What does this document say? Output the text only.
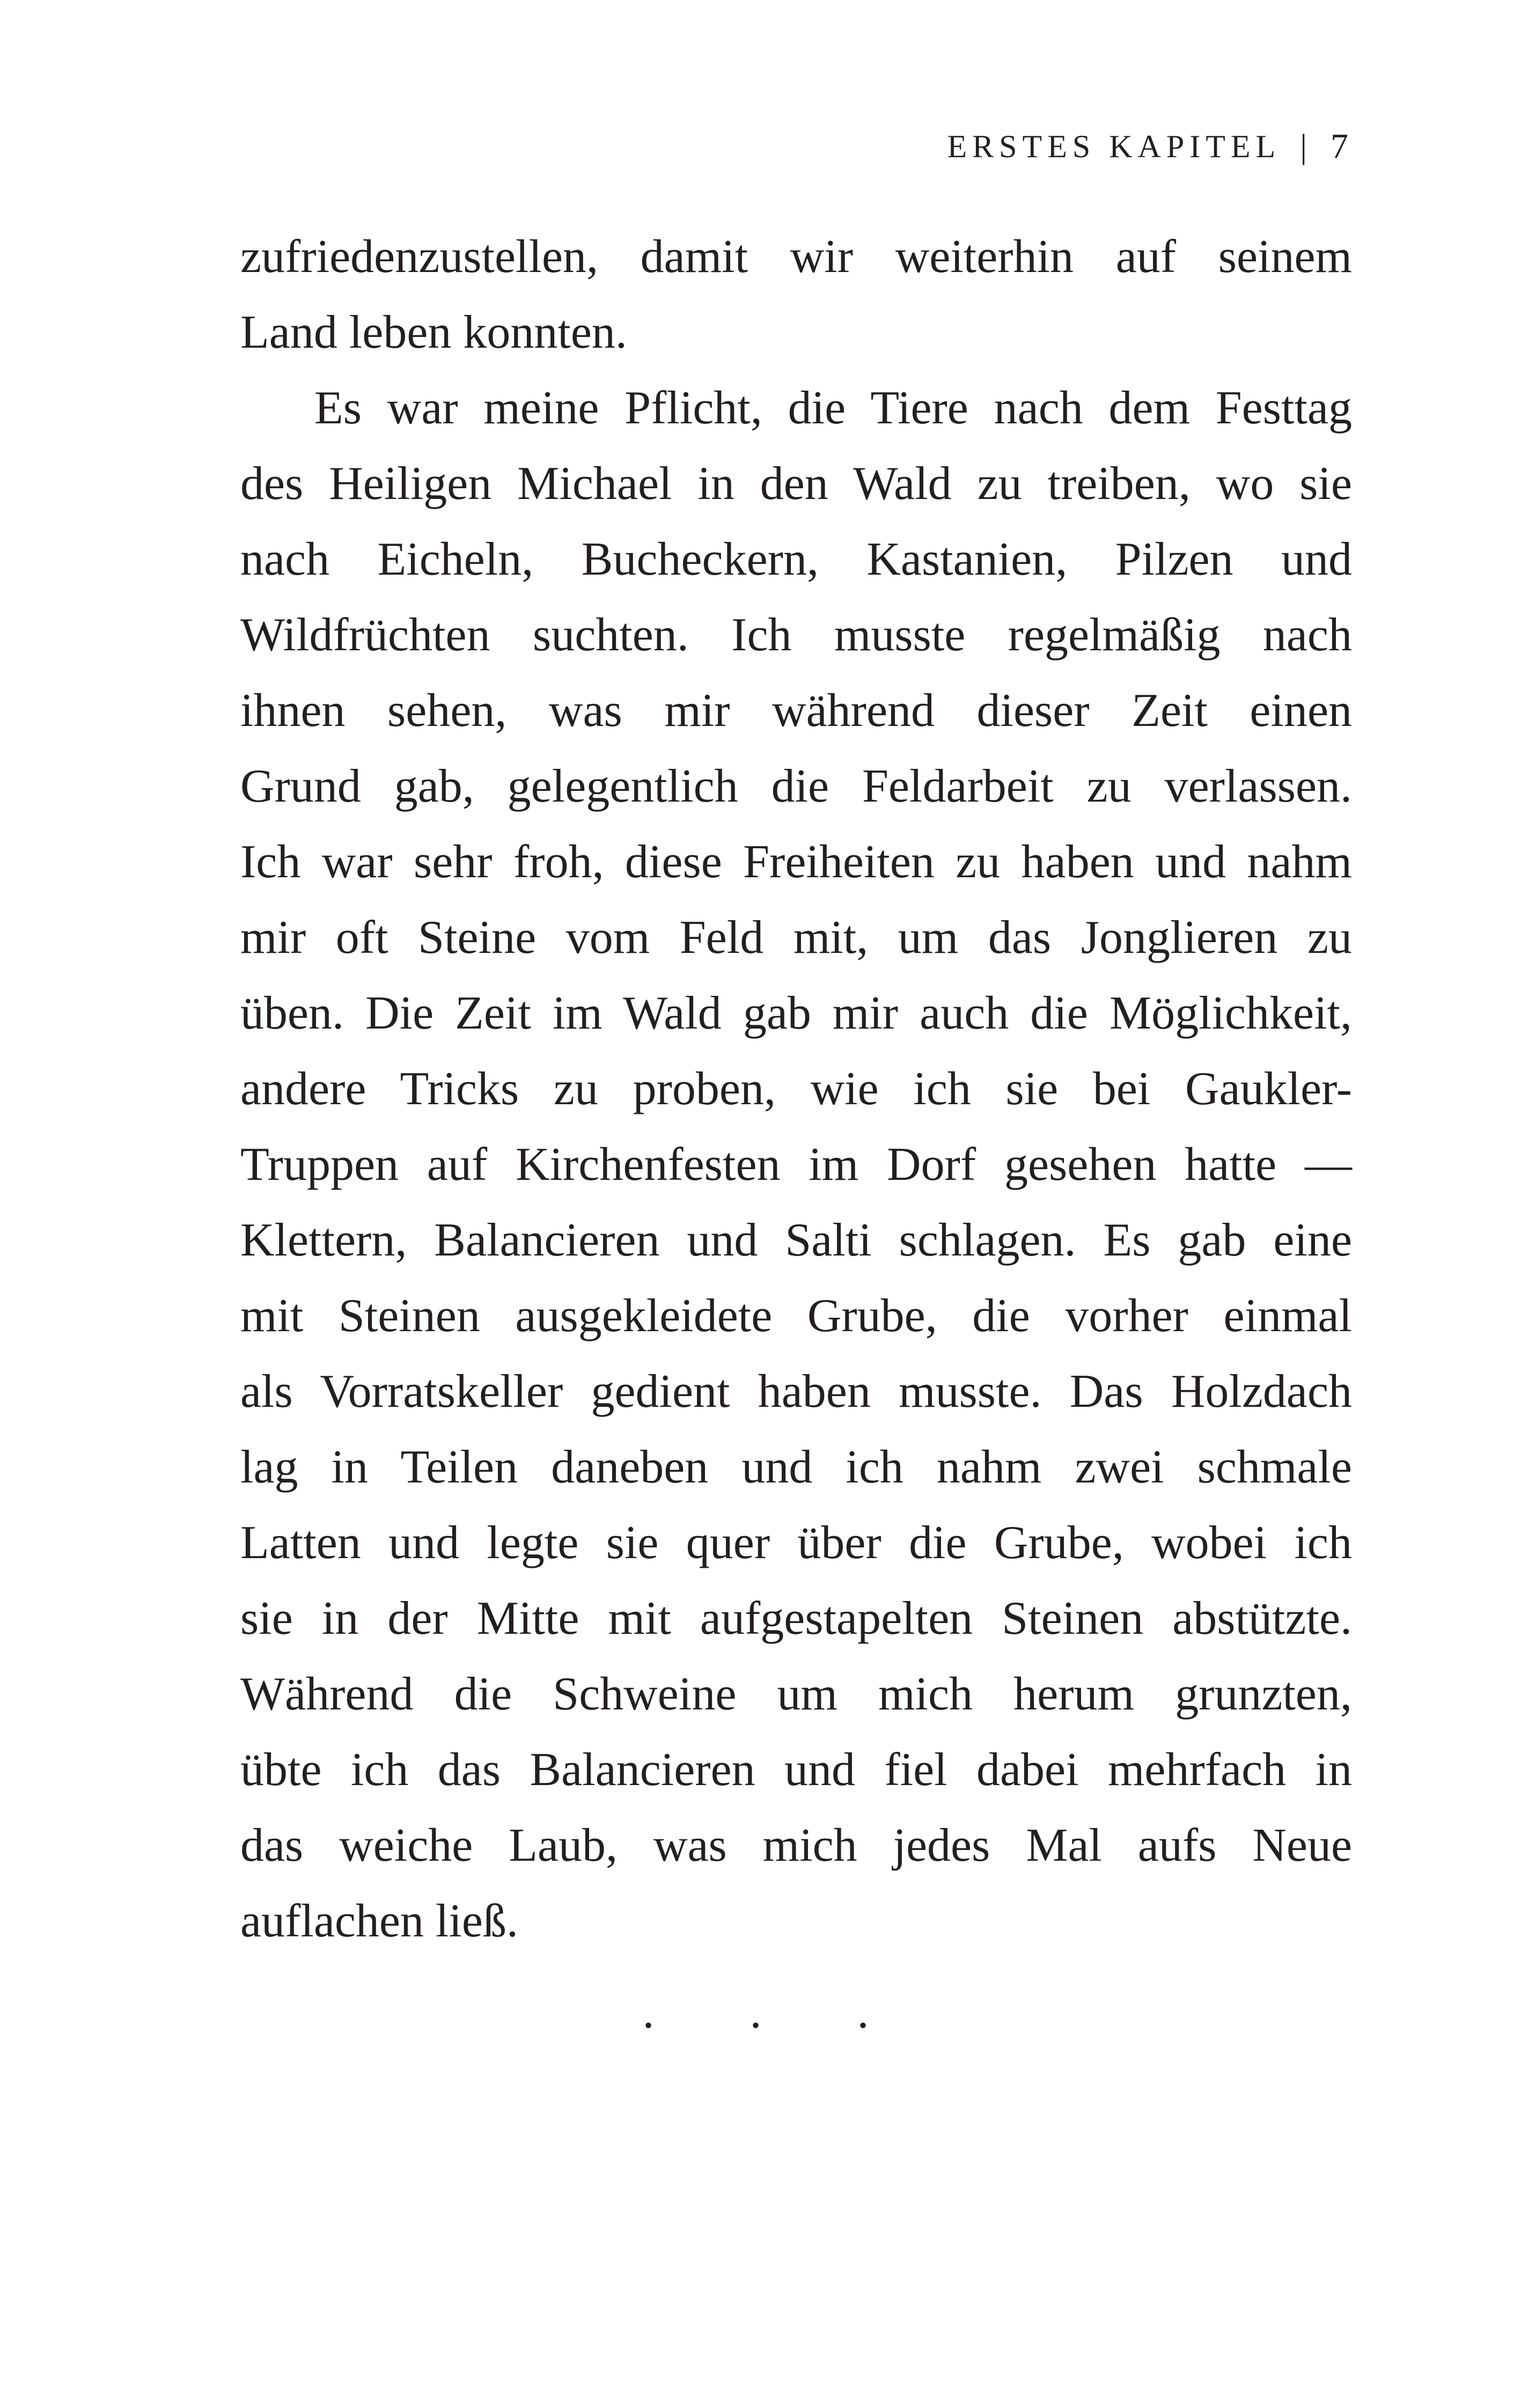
ERSTES KAPITEL | 7
zufriedenzustellen, damit wir weiterhin auf seinem
Land leben konnten.
Es war meine Pflicht, die Tiere nach dem Festtag
des Heiligen Michael in den Wald zu treiben, wo sie
nach Eicheln, Bucheckern, Kastanien, Pilzen und
Wildfrüchten suchten. Ich musste regelmäßig nach
ihnen sehen, was mir während dieser Zeit einen
Grund gab, gelegentlich die Feldarbeit zu verlassen.
Ich war sehr froh, diese Freiheiten zu haben und nahm
mir oft Steine vom Feld mit, um das Jonglieren zu
üben. Die Zeit im Wald gab mir auch die Möglichkeit,
andere Tricks zu proben, wie ich sie bei Gaukler-
Truppen auf Kirchenfesten im Dorf gesehen hatte —
Klettern, Balancieren und Salti schlagen. Es gab eine
mit Steinen ausgekleidete Grube, die vorher einmal
als Vorratskeller gedient haben musste. Das Holzdach
lag in Teilen daneben und ich nahm zwei schmale
Latten und legte sie quer über die Grube, wobei ich
sie in der Mitte mit aufgestapelten Steinen abstützte.
Während die Schweine um mich herum grunzten,
übte ich das Balancieren und fiel dabei mehrfach in
das weiche Laub, was mich jedes Mal aufs Neue
auflachen ließ.
. . .
